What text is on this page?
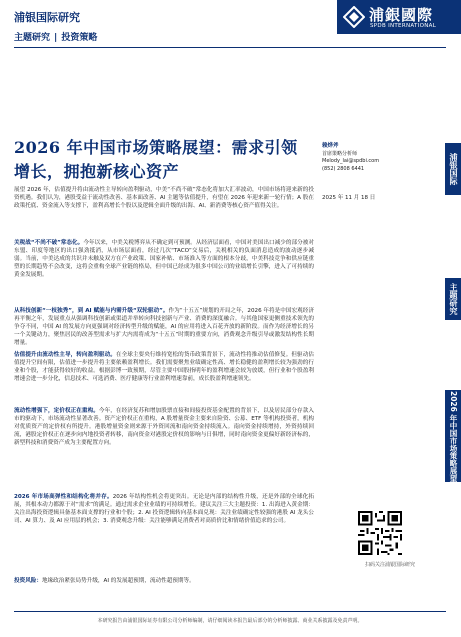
浦银国际研究
主题研究 | 投资策略
浦銀國際
SPDB INTERNATIONAL
2026 年中国市场策略展望：需求引领增长，拥抱新核心资产
赖烨斧
首席策略分析师
Melody_lai@spdbi.com
(852) 2808 6441
2025 年 11 月 18 日
浦银国际
主题研究
2026 年中国市场策略展望
展望 2026 年，估值提升将由流动性主导转向盈利驱动，中美“不尚不破”常态化将加大汇率波动，中国市场将迎来新的投资机遇。我们认为，港股受益于流动性改善、基本面改善、AI 主题等估值提升，有望在 2026 年迎来新一轮行情；A 股在政策托底、资金流入等支撑下，盈利高增长个股以及逻辑全面升级的出海、AI、新消费等核心资产值得关注。
关税战“不尚不破”常态化。今年以来，中美关税博弈从不确定到可预测。从经济层面看，中国对美国出口减少的部分被对东盟、印度等地区的出口强劲抵消，从市场层面看，经过几次“TACO”交易后，关税相关的负面消息造成的波动逐步减弱。当前，中美达成的共识并未触及双方在产业政策、国家补贴、市场准入等方面的根本分歧，中美科技竞争和供应链重塑的长期趋势不会改变，这将会重构全球产业链的格局，但中国已经成为很多中国公司的业绩增长引擎，进入了可持续的黄金发展期。
从科技创新“一枝独秀”，到 AI 赋能与内需升级“双轮驱动”。作为“十五五”规划的开局之年，2026 年将是中国宏观经济再平衡之年，发展重点从强调科技创新或渠道并举转向科技创新与产业、消费的深度融合。与其他国家更侧重技术领先的争夺不同，中国 AI 的发展方向更强调对经济转型升级的赋能，AI 的应用将进入百花齐放的新阶段。而作为经济增长的另一个关键动力，聚焦居民的改善型需求与扩大内需将成为“十五五”时期的重要方向，消费观念升级引导或激发结构性长期增量。
估值提升由流动性主导，转向盈利驱动。在全球主要央行维持宽松的货币政策背景下，流动性将推动估值修复。但驱动估值提升空间有限，估值进一步提升将主要依赖盈利增长。我们需要聚焦业绩确定性高、增长稳健的盈利增长较为强劲的行业和个股，才能获得较好的收益。根据彭博一致预期，尽管主要中国股指明年的盈利增速会较为放缓，但行业和个股盈利增速会进一步分化，信息技术、可选消费、医疗健康等行业盈利增速靠前，成长股盈利增速领先。
流动性增强下，定价权正在重构。今年，在经济复苏和增加股票直接和间接投资基金配置的背景下，以及居民部分存款入市的驱动下，市场流动性显著改善。资产定价权正在重构，A 股增量资金主要来自险资、公募、ETF 等机构投资者，机构对优质资产的定价权有所提升。港股增量资金则来源于外资回流和南向资金持续流入。南向资金持续增持，外资持续回流，港股定价权正在逐步向内地投资者转移，南向资金对港股定价权的影响与日俱增，同时南向资金更偏好新经济标的，新型科技和消费资产成为主要配置方向。
2026 年市场高弹性和结构化将并存。2026 年结构性机会将更突出。无论是内部的结构性升级，还是外部的全球化拓展，其根本动力都源于对“需求”的满足。通过需求企业业绩的可持续增长。建议关注三大主题投资：1. 出海进入黄金期：关注出海投资逻辑具备基本面支撑的行业和个股；2. AI 投资逻辑转向基本面兑现：关注业绩确定性较强的港股 AI 龙头公司、AI 算力、及 AI 应用层的机会；3. 消费观念升级：关注能够满足消费者对高质价比和情绪价值追求的公司。
投资风险：地缘政治紧张局势升级，AI 的发展超预期，流动性超预期等。
扫码关注浦银国际研究
本研究报告由浦银国际证券有限公司分析师编制，请仔细阅读本报告最后部分的分析师披露、商业关系披露及免责声明。
